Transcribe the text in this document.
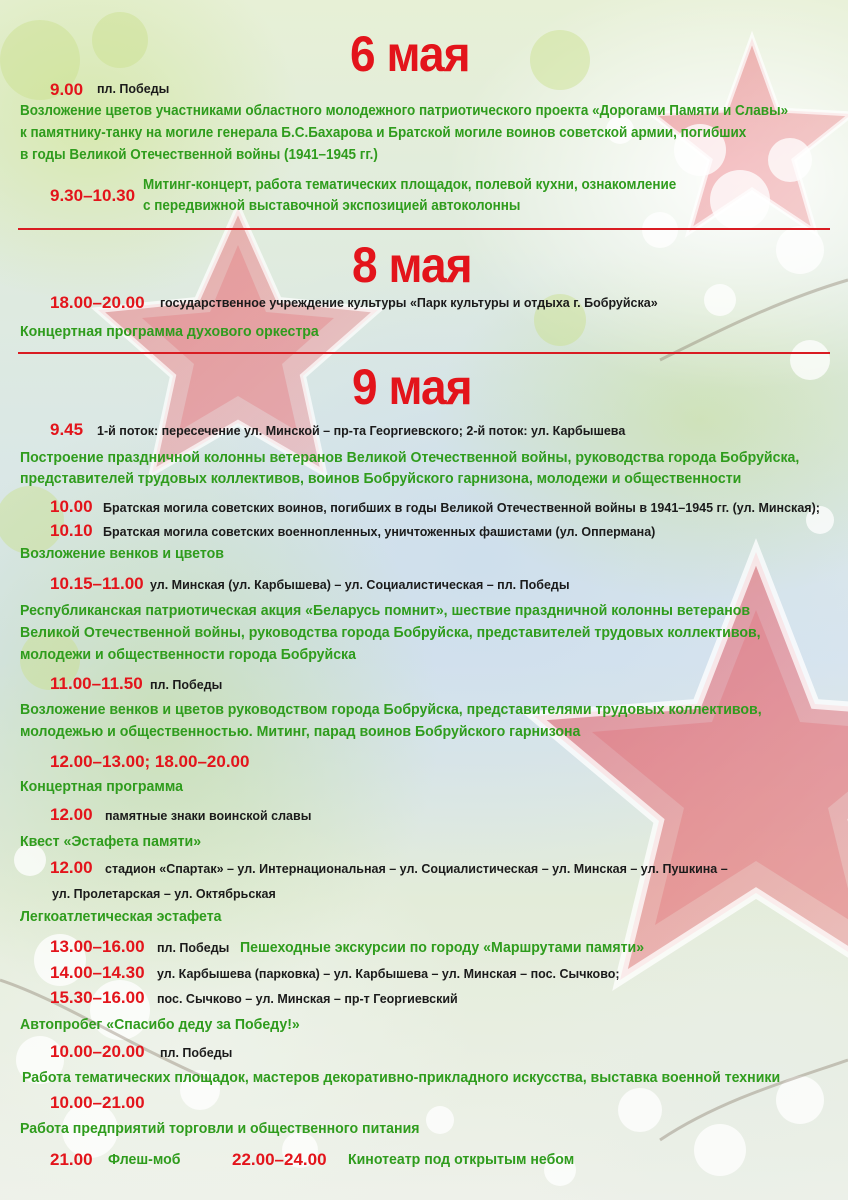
6 мая
9.00 пл. Победы
Возложение цветов участниками областного молодежного патриотического проекта «Дорогами Памяти и Славы»
к памятнику-танку на могиле генерала Б.С.Бахарова и Братской могиле воинов советской армии, погибших
в годы Великой Отечественной войны (1941–1945 гг.)
9.30–10.30
Митинг-концерт, работа тематических площадок, полевой кухни, ознакомление
с передвижной выставочной экспозицией автоколонны
8 мая
18.00–20.00 государственное учреждение культуры «Парк культуры и отдыха г. Бобруйска»
Концертная программа духового оркестра
9 мая
9.45 1-й поток: пересечение ул. Минской – пр-та Георгиевского; 2-й поток: ул. Карбышева
Построение праздничной колонны ветеранов Великой Отечественной войны, руководства города Бобруйска,
представителей трудовых коллективов, воинов Бобруйского гарнизона, молодежи и общественности
10.00 Братская могила советских воинов, погибших в годы Великой Отечественной войны в 1941–1945 гг. (ул. Минская);
10.10 Братская могила советских военнопленных, уничтоженных фашистами (ул. Оппермана)
Возложение венков и цветов
10.15–11.00 ул. Минская (ул. Карбышева) – ул. Социалистическая – пл. Победы
Республиканская патриотическая акция «Беларусь помнит», шествие праздничной колонны ветеранов
Великой Отечественной войны, руководства города Бобруйска, представителей трудовых коллективов,
молодежи и общественности города Бобруйска
11.00–11.50 пл. Победы
Возложение венков и цветов руководством города Бобруйска, представителями трудовых коллективов,
молодежью и общественностью. Митинг, парад воинов Бобруйского гарнизона
12.00–13.00; 18.00–20.00
Концертная программа
12.00 памятные знаки воинской славы
Квест «Эстафета памяти»
12.00 стадион «Спартак» – ул. Интернациональная – ул. Социалистическая – ул. Минская – ул. Пушкина –
ул. Пролетарская – ул. Октябрьская
Легкоатлетическая эстафета
13.00–16.00 пл. Победы Пешеходные экскурсии по городу «Маршрутами памяти»
14.00–14.30 ул. Карбышева (парковка) – ул. Карбышева – ул. Минская – пос. Сычково;
15.30–16.00 пос. Сычково – ул. Минская – пр-т Георгиевский
Автопробег «Спасибо деду за Победу!»
10.00–20.00 пл. Победы
Работа тематических площадок, мастеров декоративно-прикладного искусства, выставка военной техники
10.00–21.00
Работа предприятий торговли и общественного питания
21.00 Флеш-моб	22.00–24.00 Кинотеатр под открытым небом
